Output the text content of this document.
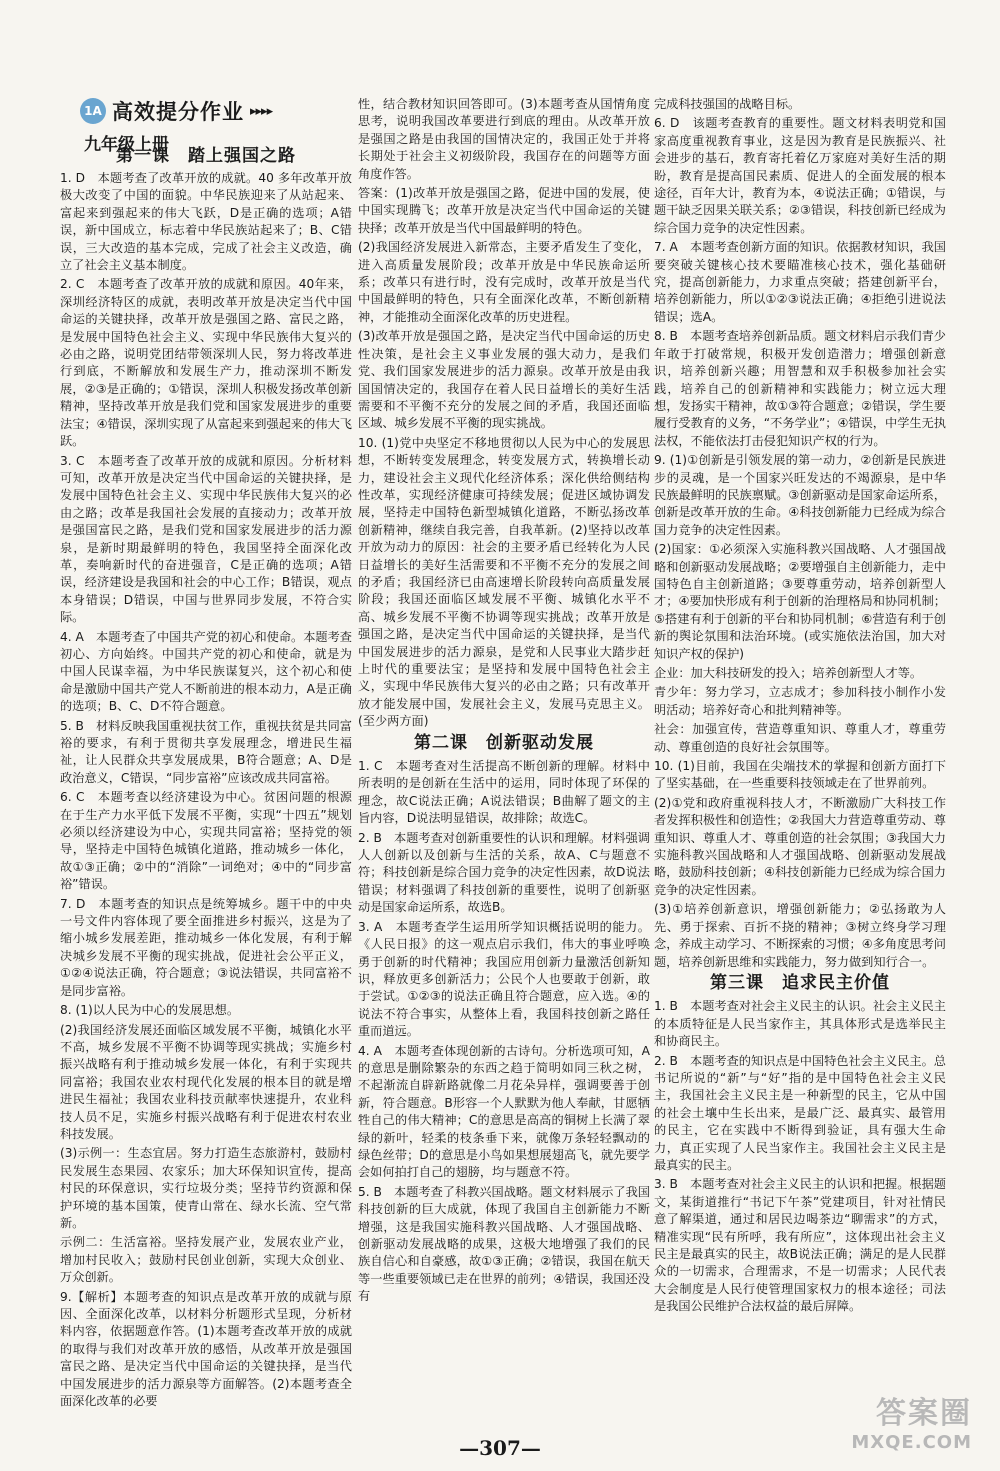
1A 高效提分作业 ▸▸▸▸
九年级上册
第一课　踏上强国之路

1. D　本题考查了改革开放的成就。40 多年改革开放极大改变了中国的面貌。中华民族迎来了从站起来、富起来到强起来的伟大飞跃，D是正确的选项；A错误，新中国成立，标志着中华民族站起来了；B、C错误，三大改造的基本完成，完成了社会主义改造，确立了社会主义基本制度。

2. C　本题考查了改革开放的成就和原因。40年来，深圳经济特区的成就，表明改革开放是决定当代中国命运的关键抉择，改革开放是强国之路、富民之路，是发展中国特色社会主义、实现中华民族伟大复兴的必由之路，说明党团结带领深圳人民，努力将改革进行到底，不断解放和发展生产力，推动深圳不断发展，②③是正确的；①错误，深圳人积极发扬改革创新精神，坚持改革开放是我们党和国家发展进步的重要法宝；④错误，深圳实现了从富起来到强起来的伟大飞跃。

3. C　本题考查了改革开放的成就和原因。分析材料可知，改革开放是决定当代中国命运的关键抉择，是发展中国特色社会主义、实现中华民族伟大复兴的必由之路；改革是我国社会发展的直接动力；改革开放是强国富民之路，是我们党和国家发展进步的活力源泉，是新时期最鲜明的特色，我国坚持全面深化改革，奏响新时代的奋进强音，C是正确的选项；A错误，经济建设是我国和社会的中心工作；B错误，观点本身错误；D错误，中国与世界同步发展，不符合实际。

4. A　本题考查了中国共产党的初心和使命。本题考查初心、方向始终。中国共产党的初心和使命，就是为中国人民谋幸福，为中华民族谋复兴，这个初心和使命是激励中国共产党人不断前进的根本动力，A是正确的选项；B、C、D不符合题意。

5. B　材料反映我国重视扶贫工作，重视扶贫是共同富裕的要求，有利于贯彻共享发展理念，增进民生福祉，让人民群众共享发展成果，B符合题意；A、D是政治意义，C错误，“同步富裕”应该改成共同富裕。

6. C　本题考查以经济建设为中心。贫困问题的根源在于生产力水平低下发展不平衡，实现“十四五”规划必须以经济建设为中心，实现共同富裕；坚持党的领导，坚持走中国特色城镇化道路，推动城乡一体化，故①③正确；②中的“消除”一词绝对；④中的“同步富裕”错误。

7. D　本题考查的知识点是统筹城乡。题干中的中央一号文件内容体现了要全面推进乡村振兴，这是为了缩小城乡发展差距，推动城乡一体化发展，有利于解决城乡发展不平衡的现实挑战，促进社会公平正义，①②④说法正确，符合题意；③说法错误，共同富裕不是同步富裕。

8. (1)以人民为中心的发展思想。

(2)我国经济发展还面临区域发展不平衡，城镇化水平不高，城乡发展不平衡不协调等现实挑战；实施乡村振兴战略有利于推动城乡发展一体化，有利于实现共同富裕；我国农业农村现代化发展的根本目的就是增进民生福祉；我国农业科技贡献率快速提升，农业科技人员不足，实施乡村振兴战略有利于促进农村农业科技发展。

(3)示例一：生态宜居。努力打造生态旅游村，鼓励村民发展生态果园、农家乐；加大环保知识宣传，提高村民的环保意识，实行垃圾分类；坚持节约资源和保护环境的基本国策，使青山常在、绿水长流、空气常新。

示例二：生活富裕。坚持发展产业，发展农业产业，增加村民收入；鼓励村民创业创新，实现大众创业、万众创新。

9.【解析】本题考查的知识点是改革开放的成就与原因、全面深化改革，以材料分析题形式呈现，分析材料内容，依据题意作答。(1)本题考查改革开放的成就的取得与我们对改革开放的感悟，从改革开放是强国富民之路、是决定当代中国命运的关键抉择，是当代中国发展进步的活力源泉等方面解答。(2)本题考查全面深化改革的必要

性，结合教材知识回答即可。(3)本题考查从国情角度思考，说明我国改革要进行到底的理由。从改革开放是强国之路是由我国的国情决定的，我国正处于并将长期处于社会主义初级阶段，我国存在的问题等方面角度作答。

答案：(1)改革开放是强国之路，促进中国的发展，使中国实现腾飞；改革开放是决定当代中国命运的关键抉择；改革开放是当代中国最鲜明的特色。

(2)我国经济发展进入新常态，主要矛盾发生了变化，进入高质量发展阶段；改革开放是中华民族命运所系；改革只有进行时，没有完成时，改革开放是当代中国最鲜明的特色，只有全面深化改革，不断创新精神，才能推动全面深化改革的历史进程。

(3)改革开放是强国之路，是决定当代中国命运的历史性决策，是社会主义事业发展的强大动力，是我们党、我们国家发展进步的活力源泉。改革开放是由我国国情决定的，我国存在着人民日益增长的美好生活需要和不平衡不充分的发展之间的矛盾，我国还面临区域、城乡发展不平衡的现实挑战。

10. (1)党中央坚定不移地贯彻以人民为中心的发展思想，不断转变发展理念，转变发展方式，转换增长动力，建设社会主义现代化经济体系；深化供给侧结构性改革，实现经济健康可持续发展；促进区域协调发展，坚持走中国特色新型城镇化道路，不断弘扬改革创新精神，继续自我完善，自我革新。(2)坚持以改革开放为动力的原因：社会的主要矛盾已经转化为人民日益增长的美好生活需要和不平衡不充分的发展之间的矛盾；我国经济已由高速增长阶段转向高质量发展阶段；我国还面临区域发展不平衡、城镇化水平不高、城乡发展不平衡不协调等现实挑战；改革开放是强国之路，是决定当代中国命运的关键抉择，是当代中国发展进步的活力源泉，是党和人民事业大踏步赶上时代的重要法宝；是坚持和发展中国特色社会主义，实现中华民族伟大复兴的必由之路；只有改革开放才能发展中国，发展社会主义，发展马克思主义。(至少两方面)

第二课　创新驱动发展

1. C　本题考查对生活提高不断创新的理解。材料中所表明的是创新在生活中的运用，同时体现了环保的理念，故C说法正确；A说法错误；B曲解了题文的主旨内容，D说法明显错误，故排除；故选C。

2. B　本题考查对创新重要性的认识和理解。材料强调人人创新以及创新与生活的关系，故A、C与题意不符；科技创新是综合国力竞争的决定性因素，故D说法错误；材料强调了科技创新的重要性，说明了创新驱动是国家命运所系，故选B。

3. A　本题考查学生运用所学知识概括说明的能力。《人民日报》的这一观点启示我们，伟大的事业呼唤勇于创新的时代精神；我国应用创新力量激活创新知识，释放更多创新活力；公民个人也要敢于创新，敢于尝试。①②③的说法正确且符合题意，应入选。④的说法不符合事实，从整体上看，我国科技创新之路任重而道远。

4. A　本题考查体现创新的古诗句。分析选项可知，A的意思是删除繁杂的东西之趋于简明如同三秋之树，不起渐流自辟新路就像二月花朵异样，强调要善于创新，符合题意。B形容一个人默默为他人奉献，甘愿牺牲自己的伟大精神；C的意思是高高的铜树上长满了翠绿的新叶，轻柔的枝条垂下来，就像万条轻轻飘动的绿色丝带；D的意思是小鸟如果想展翅高飞，就先要学会如何拍打自己的翅膀，均与题意不符。

5. B　本题考查了科教兴国战略。题文材料展示了我国科技创新的巨大成就，体现了我国自主创新能力不断增强，这是我国实施科教兴国战略、人才强国战略、创新驱动发展战略的成果，这极大地增强了我们的民族自信心和自豪感，故①③正确；②错误，我国在航天等一些重要领域已走在世界的前列；④错误，我国还没有

完成科技强国的战略目标。

6. D　该题考查教育的重要性。题文材料表明党和国家高度重视教育事业，这是因为教育是民族振兴、社会进步的基石，教育寄托着亿万家庭对美好生活的期盼，教育是提高国民素质、促进人的全面发展的根本途径，百年大计，教育为本，④说法正确；①错误，与题干缺乏因果关联关系；②③错误，科技创新已经成为综合国力竞争的决定性因素。

7. A　本题考查创新方面的知识。依据教材知识，我国要突破关键核心技术要瞄准核心技术，强化基础研究，提高创新能力，力求重点突破；搭建创新平台，培养创新能力，所以①②③说法正确；④拒绝引进说法错误；选A。

8. B　本题考查培养创新品质。题文材料启示我们青少年敢于打破常规，积极开发创造潜力；增强创新意识，培养创新兴趣；用智慧和双手积极参加社会实践，培养自己的创新精神和实践能力；树立远大理想，发扬实干精神，故①③符合题意；②错误，学生要履行受教育的义务，“不务学业”；④错误，中学生无执法权，不能依法打击侵犯知识产权的行为。

9. (1)①创新是引领发展的第一动力，②创新是民族进步的灵魂，是一个国家兴旺发达的不竭源泉，是中华民族最鲜明的民族禀赋。③创新驱动是国家命运所系，创新是改革开放的生命。④科技创新能力已经成为综合国力竞争的决定性因素。

(2)国家：①必须深入实施科教兴国战略、人才强国战略和创新驱动发展战略；②要增强自主创新能力，走中国特色自主创新道路；③要尊重劳动，培养创新型人才；④要加快形成有利于创新的治理格局和协同机制；⑤搭建有利于创新的平台和协同机制；⑥营造有利于创新的舆论氛围和法治环境。(或实施依法治国，加大对知识产权的保护)

企业：加大科技研发的投入；培养创新型人才等。

青少年：努力学习，立志成才；参加科技小制作小发明活动；培养好奇心和批判精神等。

社会：加强宣传，营造尊重知识、尊重人才，尊重劳动、尊重创造的良好社会氛围等。

10. (1)目前，我国在尖端技术的掌握和创新方面打下了坚实基础，在一些重要科技领域走在了世界前列。

(2)①党和政府重视科技人才，不断激励广大科技工作者发挥积极性和创造性；②我国大力营造尊重劳动、尊重知识、尊重人才、尊重创造的社会氛围；③我国大力实施科教兴国战略和人才强国战略、创新驱动发展战略，鼓励科技创新；④科技创新能力已经成为综合国力竞争的决定性因素。

(3)①培养创新意识，增强创新能力；②弘扬敢为人先、勇于探索、百折不挠的精神；③树立终身学习理念，养成主动学习、不断探索的习惯；④多角度思考问题，培养创新思维和实践能力，努力做到知行合一。

第三课　追求民主价值

1. B　本题考查对社会主义民主的认识。社会主义民主的本质特征是人民当家作主，其具体形式是选举民主和协商民主。

2. B　本题考查的知识点是中国特色社会主义民主。总书记所说的“新”与“好”指的是中国特色社会主义民主，我国社会主义民主是一种新型的民主，它从中国的社会土壤中生长出来，是最广泛、最真实、最管用的民主，它在实践中不断得到验证，具有强大生命力，真正实现了人民当家作主。我国社会主义民主是最真实的民主。

3. B　本题考查对社会主义民主的认识和把握。根据题文，某街道推行“书记下午茶”党建项目，针对社情民意了解渠道，通过和居民边喝茶边“聊需求”的方式，精准实现“民有所呼，我有所应”，这体现出社会主义民主是最真实的民主，故B说法正确；满足的是人民群众的一切需求，合理需求，不是一切需求；人民代表大会制度是人民行使管理国家权力的根本途径；司法是我国公民维护合法权益的最后屏障。

—307—
答案圈
MXQE.COM
